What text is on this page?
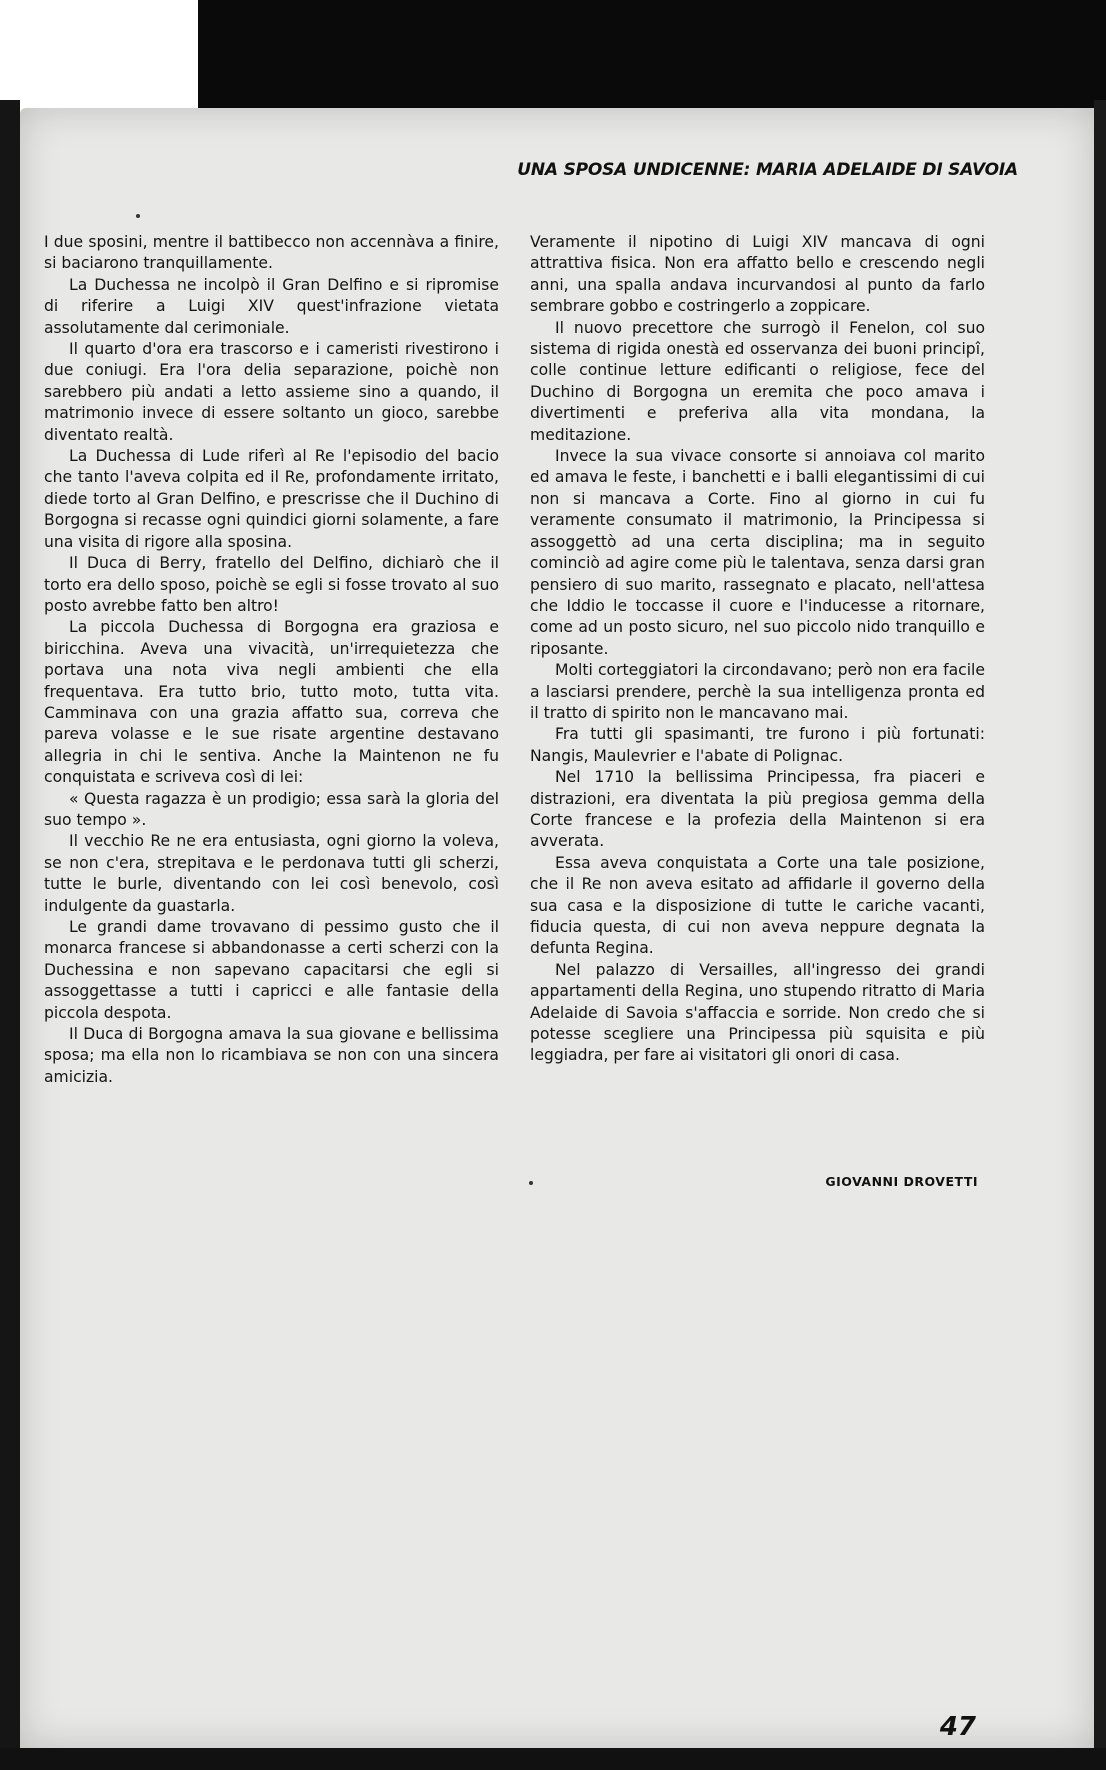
UNA SPOSA UNDICENNE: MARIA ADELAIDE DI SAVOIA

I due sposini, mentre il battibecco non accennàva a finire, si baciarono tranquillamente.

La Duchessa ne incolpò il Gran Delfino e si ripromise di riferire a Luigi XIV quest'infrazione vietata assolutamente dal cerimoniale.

Il quarto d'ora era trascorso e i cameristi rivestirono i due coniugi. Era l'ora delia separazione, poichè non sarebbero più andati a letto assieme sino a quando, il matrimonio invece di essere soltanto un gioco, sarebbe diventato realtà.

La Duchessa di Lude riferì al Re l'episodio del bacio che tanto l'aveva colpita ed il Re, profondamente irritato, diede torto al Gran Delfino, e prescrisse che il Duchino di Borgogna si recasse ogni quindici giorni solamente, a fare una visita di rigore alla sposina.

Il Duca di Berry, fratello del Delfino, dichiarò che il torto era dello sposo, poichè se egli si fosse trovato al suo posto avrebbe fatto ben altro!

La piccola Duchessa di Borgogna era graziosa e biricchina. Aveva una vivacità, un'irrequietezza che portava una nota viva negli ambienti che ella frequentava. Era tutto brio, tutto moto, tutta vita. Camminava con una grazia affatto sua, correva che pareva volasse e le sue risate argentine destavano allegria in chi le sentiva. Anche la Maintenon ne fu conquistata e scriveva così di lei:

« Questa ragazza è un prodigio; essa sarà la gloria del suo tempo ».

Il vecchio Re ne era entusiasta, ogni giorno la voleva, se non c'era, strepitava e le perdonava tutti gli scherzi, tutte le burle, diventando con lei così benevolo, così indulgente da guastarla.

Le grandi dame trovavano di pessimo gusto che il monarca francese si abbandonasse a certi scherzi con la Duchessina e non sapevano capacitarsi che egli si assoggettasse a tutti i capricci e alle fantasie della piccola despota.

Il Duca di Borgogna amava la sua giovane e bellissima sposa; ma ella non lo ricambiava se non con una sincera amicizia.

Veramente il nipotino di Luigi XIV mancava di ogni attrattiva fisica. Non era affatto bello e crescendo negli anni, una spalla andava incurvandosi al punto da farlo sembrare gobbo e costringerlo a zoppicare.

Il nuovo precettore che surrogò il Fenelon, col suo sistema di rigida onestà ed osservanza dei buoni principî, colle continue letture edificanti o religiose, fece del Duchino di Borgogna un eremita che poco amava i divertimenti e preferiva alla vita mondana, la meditazione.

Invece la sua vivace consorte si annoiava col marito ed amava le feste, i banchetti e i balli elegantissimi di cui non si mancava a Corte. Fino al giorno in cui fu veramente consumato il matrimonio, la Principessa si assoggettò ad una certa disciplina; ma in seguito cominciò ad agire come più le talentava, senza darsi gran pensiero di suo marito, rassegnato e placato, nell'attesa che Iddio le toccasse il cuore e l'inducesse a ritornare, come ad un posto sicuro, nel suo piccolo nido tranquillo e riposante.

Molti corteggiatori la circondavano; però non era facile a lasciarsi prendere, perchè la sua intelligenza pronta ed il tratto di spirito non le mancavano mai.

Fra tutti gli spasimanti, tre furono i più fortunati: Nangis, Maulevrier e l'abate di Polignac.

Nel 1710 la bellissima Principessa, fra piaceri e distrazioni, era diventata la più pregiosa gemma della Corte francese e la profezia della Maintenon si era avverata.

Essa aveva conquistata a Corte una tale posizione, che il Re non aveva esitato ad affidarle il governo della sua casa e la disposizione di tutte le cariche vacanti, fiducia questa, di cui non aveva neppure degnata la defunta Regina.

Nel palazzo di Versailles, all'ingresso dei grandi appartamenti della Regina, uno stupendo ritratto di Maria Adelaide di Savoia s'affaccia e sorride. Non credo che si potesse scegliere una Principessa più squisita e più leggiadra, per fare ai visitatori gli onori di casa.

GIOVANNI DROVETTI
47
